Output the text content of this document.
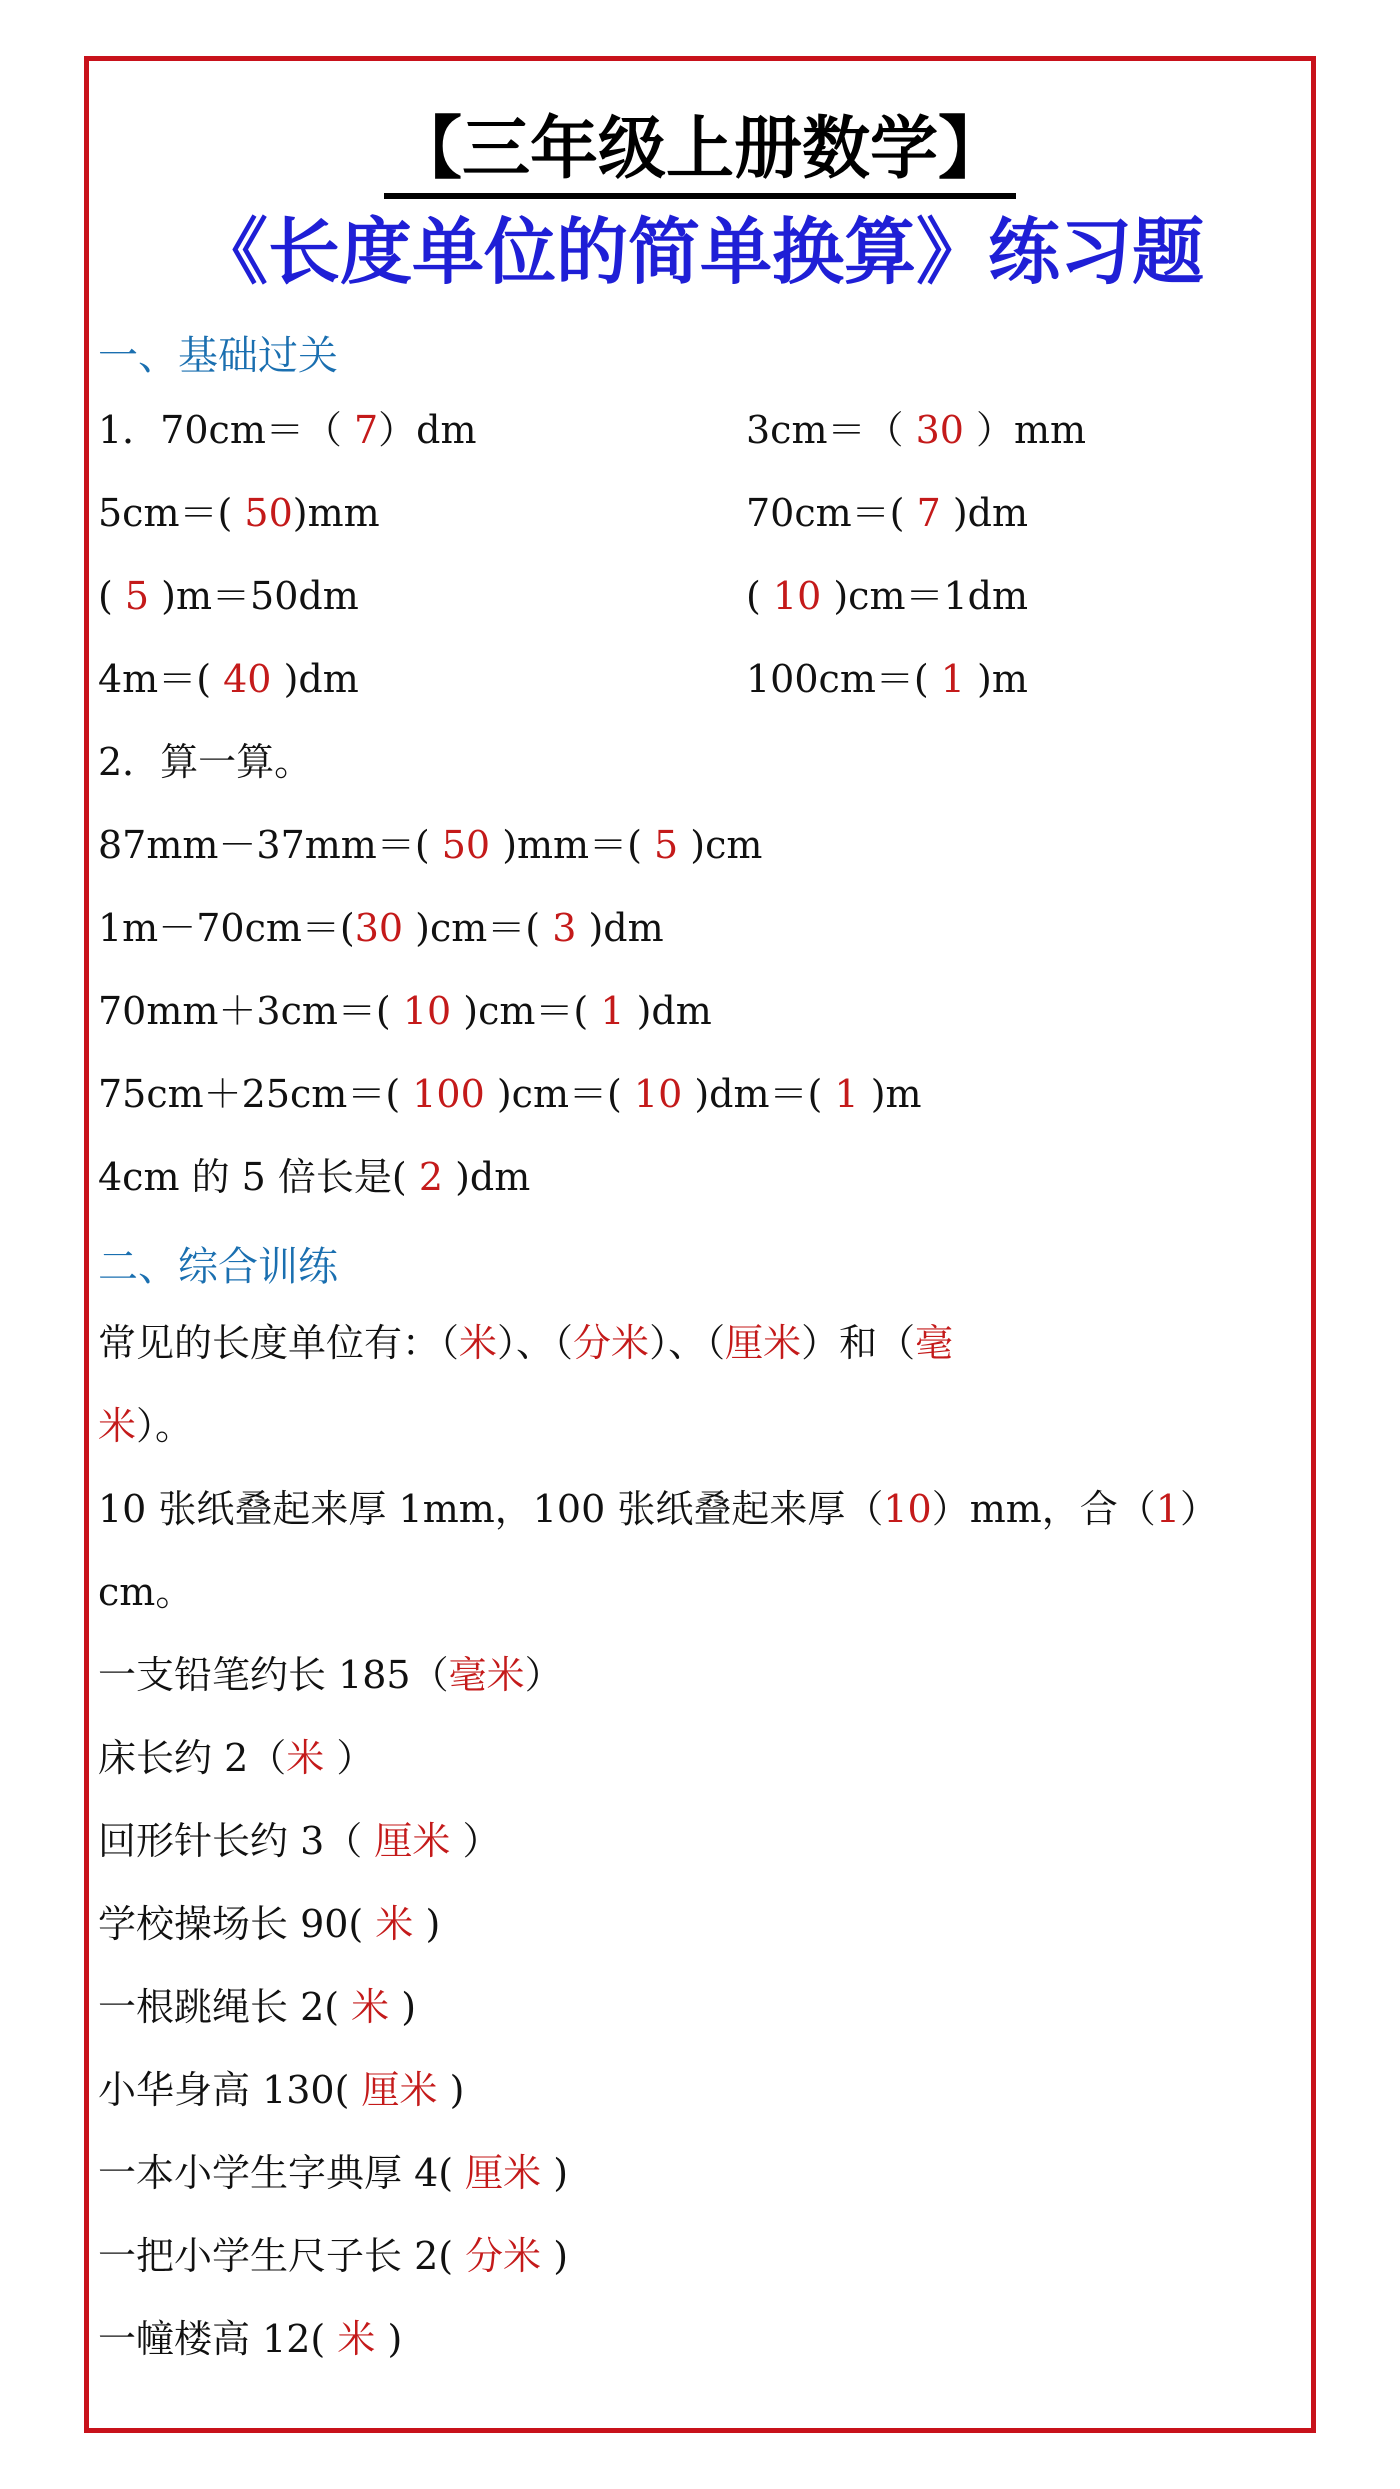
【三年级上册数学】
《长度单位的简单换算》练习题
一、基础过关
1．70cm＝（ 7）dm	3cm＝（ 30 ）mm
5cm＝( 50)mm	70cm＝( 7 )dm
( 5 )m＝50dm	( 10 )cm＝1dm
4m＝( 40 )dm	100cm＝( 1 )m
2．算一算。
87mm－37mm＝( 50 )mm＝( 5 )cm
1m－70cm＝(30 )cm＝( 3 )dm
70mm＋3cm＝( 10 )cm＝( 1 )dm
75cm＋25cm＝( 100 )cm＝( 10 )dm＝( 1 )m
4cm 的 5 倍长是( 2 )dm
二、综合训练
常见的长度单位有：（米）、（分米）、（厘米）和（毫
米）。
10 张纸叠起来厚 1mm，100 张纸叠起来厚（10）mm，合（1）
cm。
一支铅笔约长 185（毫米）
床长约 2（米 ）
回形针长约 3（ 厘米 ）
学校操场长 90( 米 )
一根跳绳长 2( 米 )
小华身高 130( 厘米 )
一本小学生字典厚 4( 厘米 )
一把小学生尺子长 2( 分米 )
一幢楼高 12( 米 )
